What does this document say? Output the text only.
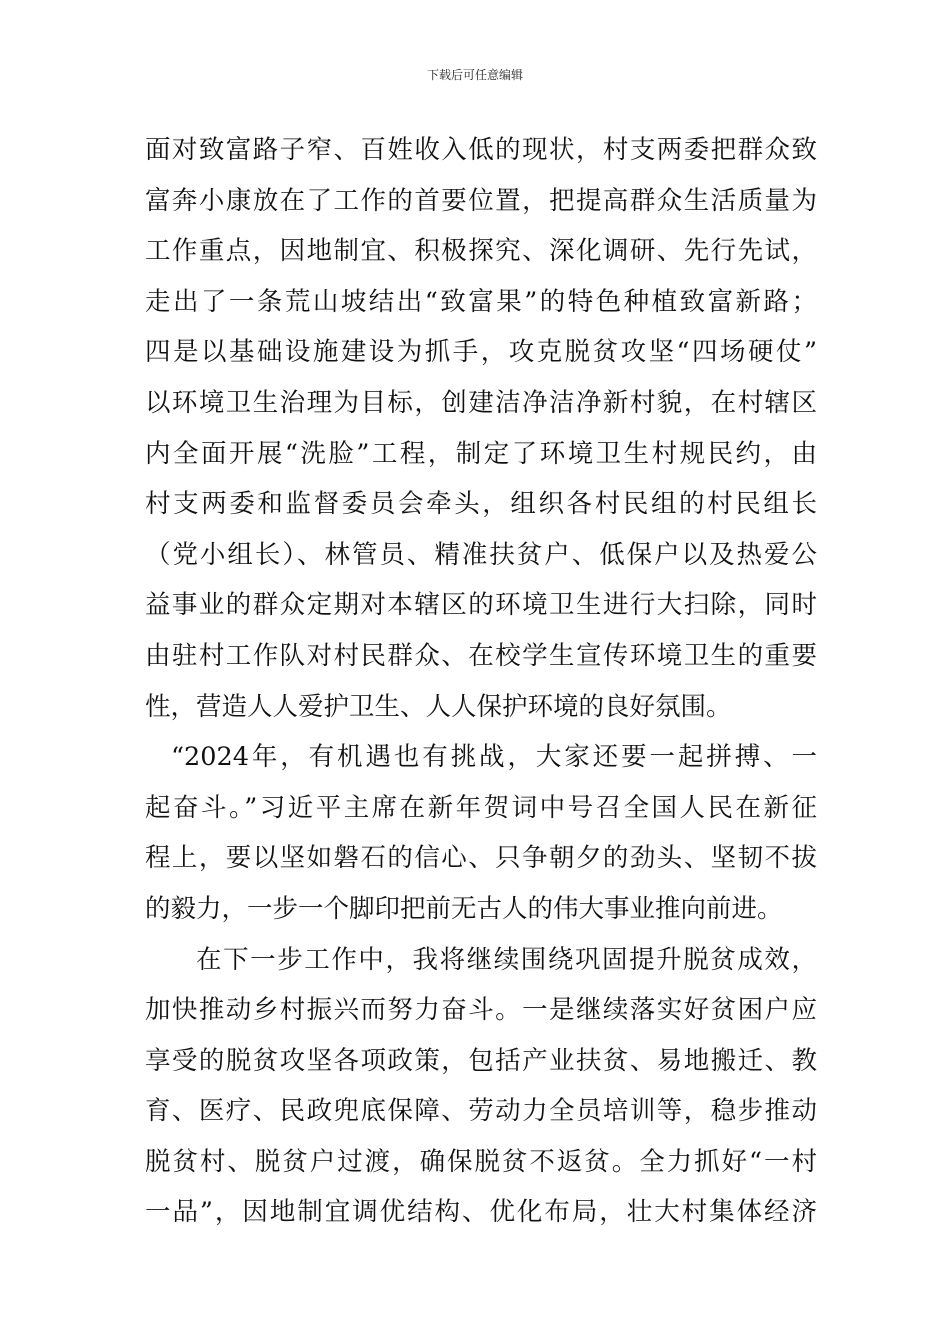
下载后可任意编辑
面对致富路子窄、百姓收入低的现状，村支两委把群众致
富奔小康放在了工作的首要位置，把提高群众生活质量为
工作重点，因地制宜、积极探究、深化调研、先行先试，
走出了一条荒山坡结出“致富果”的特色种植致富新路；
四是以基础设施建设为抓手，攻克脱贫攻坚“四场硬仗”
以环境卫生治理为目标，创建洁净洁净新村貌，在村辖区
内全面开展“洗脸”工程，制定了环境卫生村规民约，由
村支两委和监督委员会牵头，组织各村民组的村民组长
（党小组长）、林管员、精准扶贫户、低保户以及热爱公
益事业的群众定期对本辖区的环境卫生进行大扫除，同时
由驻村工作队对村民群众、在校学生宣传环境卫生的重要
性，营造人人爱护卫生、人人保护环境的良好氛围。
“2024年，有机遇也有挑战，大家还要一起拼搏、一
起奋斗。”习近平主席在新年贺词中号召全国人民在新征
程上，要以坚如磐石的信心、只争朝夕的劲头、坚韧不拔
的毅力，一步一个脚印把前无古人的伟大事业推向前进。
在下一步工作中，我将继续围绕巩固提升脱贫成效，
加快推动乡村振兴而努力奋斗。一是继续落实好贫困户应
享受的脱贫攻坚各项政策，包括产业扶贫、易地搬迁、教
育、医疗、民政兜底保障、劳动力全员培训等，稳步推动
脱贫村、脱贫户过渡，确保脱贫不返贫。全力抓好“一村
一品”，因地制宜调优结构、优化布局，壮大村集体经济
